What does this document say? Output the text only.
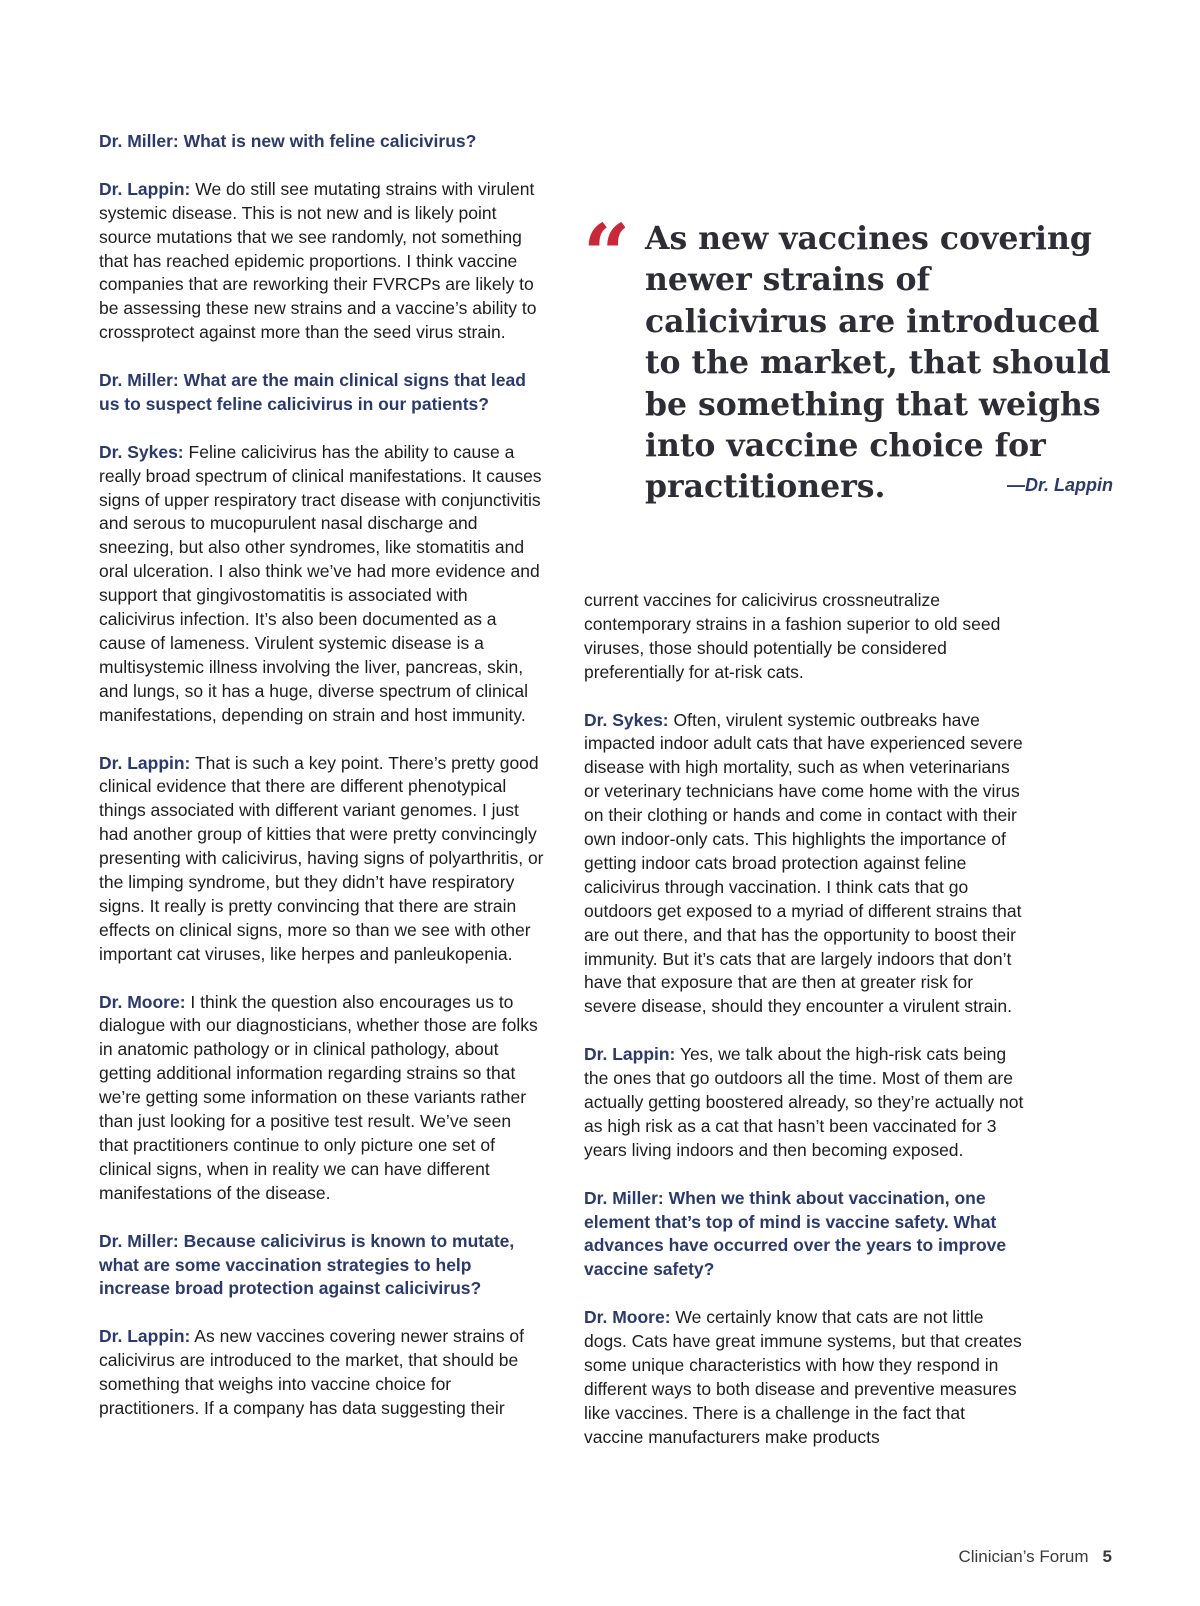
Dr. Miller: What is new with feline calicivirus?

Dr. Lappin: We do still see mutating strains with virulent systemic disease. This is not new and is likely point source mutations that we see randomly, not something that has reached epidemic proportions. I think vaccine companies that are reworking their FVRCPs are likely to be assessing these new strains and a vaccine’s ability to crossprotect against more than the seed virus strain.

Dr. Miller: What are the main clinical signs that lead us to suspect feline calicivirus in our patients?

Dr. Sykes: Feline calicivirus has the ability to cause a really broad spectrum of clinical manifestations. It causes signs of upper respiratory tract disease with conjunctivitis and serous to mucopurulent nasal discharge and sneezing, but also other syndromes, like stomatitis and oral ulceration. I also think we’ve had more evidence and support that gingivostomatitis is associated with calicivirus infection. It’s also been documented as a cause of lameness. Virulent systemic disease is a multisystemic illness involving the liver, pancreas, skin, and lungs, so it has a huge, diverse spectrum of clinical manifestations, depending on strain and host immunity.

Dr. Lappin: That is such a key point. There’s pretty good clinical evidence that there are different phenotypical things associated with different variant genomes. I just had another group of kitties that were pretty convincingly presenting with calicivirus, having signs of polyarthritis, or the limping syndrome, but they didn’t have respiratory signs. It really is pretty convincing that there are strain effects on clinical signs, more so than we see with other important cat viruses, like herpes and panleukopenia.

Dr. Moore: I think the question also encourages us to dialogue with our diagnosticians, whether those are folks in anatomic pathology or in clinical pathology, about getting additional information regarding strains so that we’re getting some information on these variants rather than just looking for a positive test result. We’ve seen that practitioners continue to only picture one set of clinical signs, when in reality we can have different manifestations of the disease.

Dr. Miller: Because calicivirus is known to mutate, what are some vaccination strategies to help increase broad protection against calicivirus?

Dr. Lappin: As new vaccines covering newer strains of calicivirus are introduced to the market, that should be something that weighs into vaccine choice for practitioners. If a company has data suggesting their

“ As new vaccines covering newer strains of calicivirus are introduced to the market, that should be something that weighs into vaccine choice for practitioners.	—Dr. Lappin

current vaccines for calicivirus crossneutralize contemporary strains in a fashion superior to old seed viruses, those should potentially be considered preferentially for at-risk cats.

Dr. Sykes: Often, virulent systemic outbreaks have impacted indoor adult cats that have experienced severe disease with high mortality, such as when veterinarians or veterinary technicians have come home with the virus on their clothing or hands and come in contact with their own indoor-only cats. This highlights the importance of getting indoor cats broad protection against feline calicivirus through vaccination. I think cats that go outdoors get exposed to a myriad of different strains that are out there, and that has the opportunity to boost their immunity. But it’s cats that are largely indoors that don’t have that exposure that are then at greater risk for severe disease, should they encounter a virulent strain.

Dr. Lappin: Yes, we talk about the high-risk cats being the ones that go outdoors all the time. Most of them are actually getting boostered already, so they’re actually not as high risk as a cat that hasn’t been vaccinated for 3 years living indoors and then becoming exposed.

Dr. Miller: When we think about vaccination, one element that’s top of mind is vaccine safety. What advances have occurred over the years to improve vaccine safety?

Dr. Moore: We certainly know that cats are not little dogs. Cats have great immune systems, but that creates some unique characteristics with how they respond in different ways to both disease and preventive measures like vaccines. There is a challenge in the fact that vaccine manufacturers make products

Clinician’s Forum 5
